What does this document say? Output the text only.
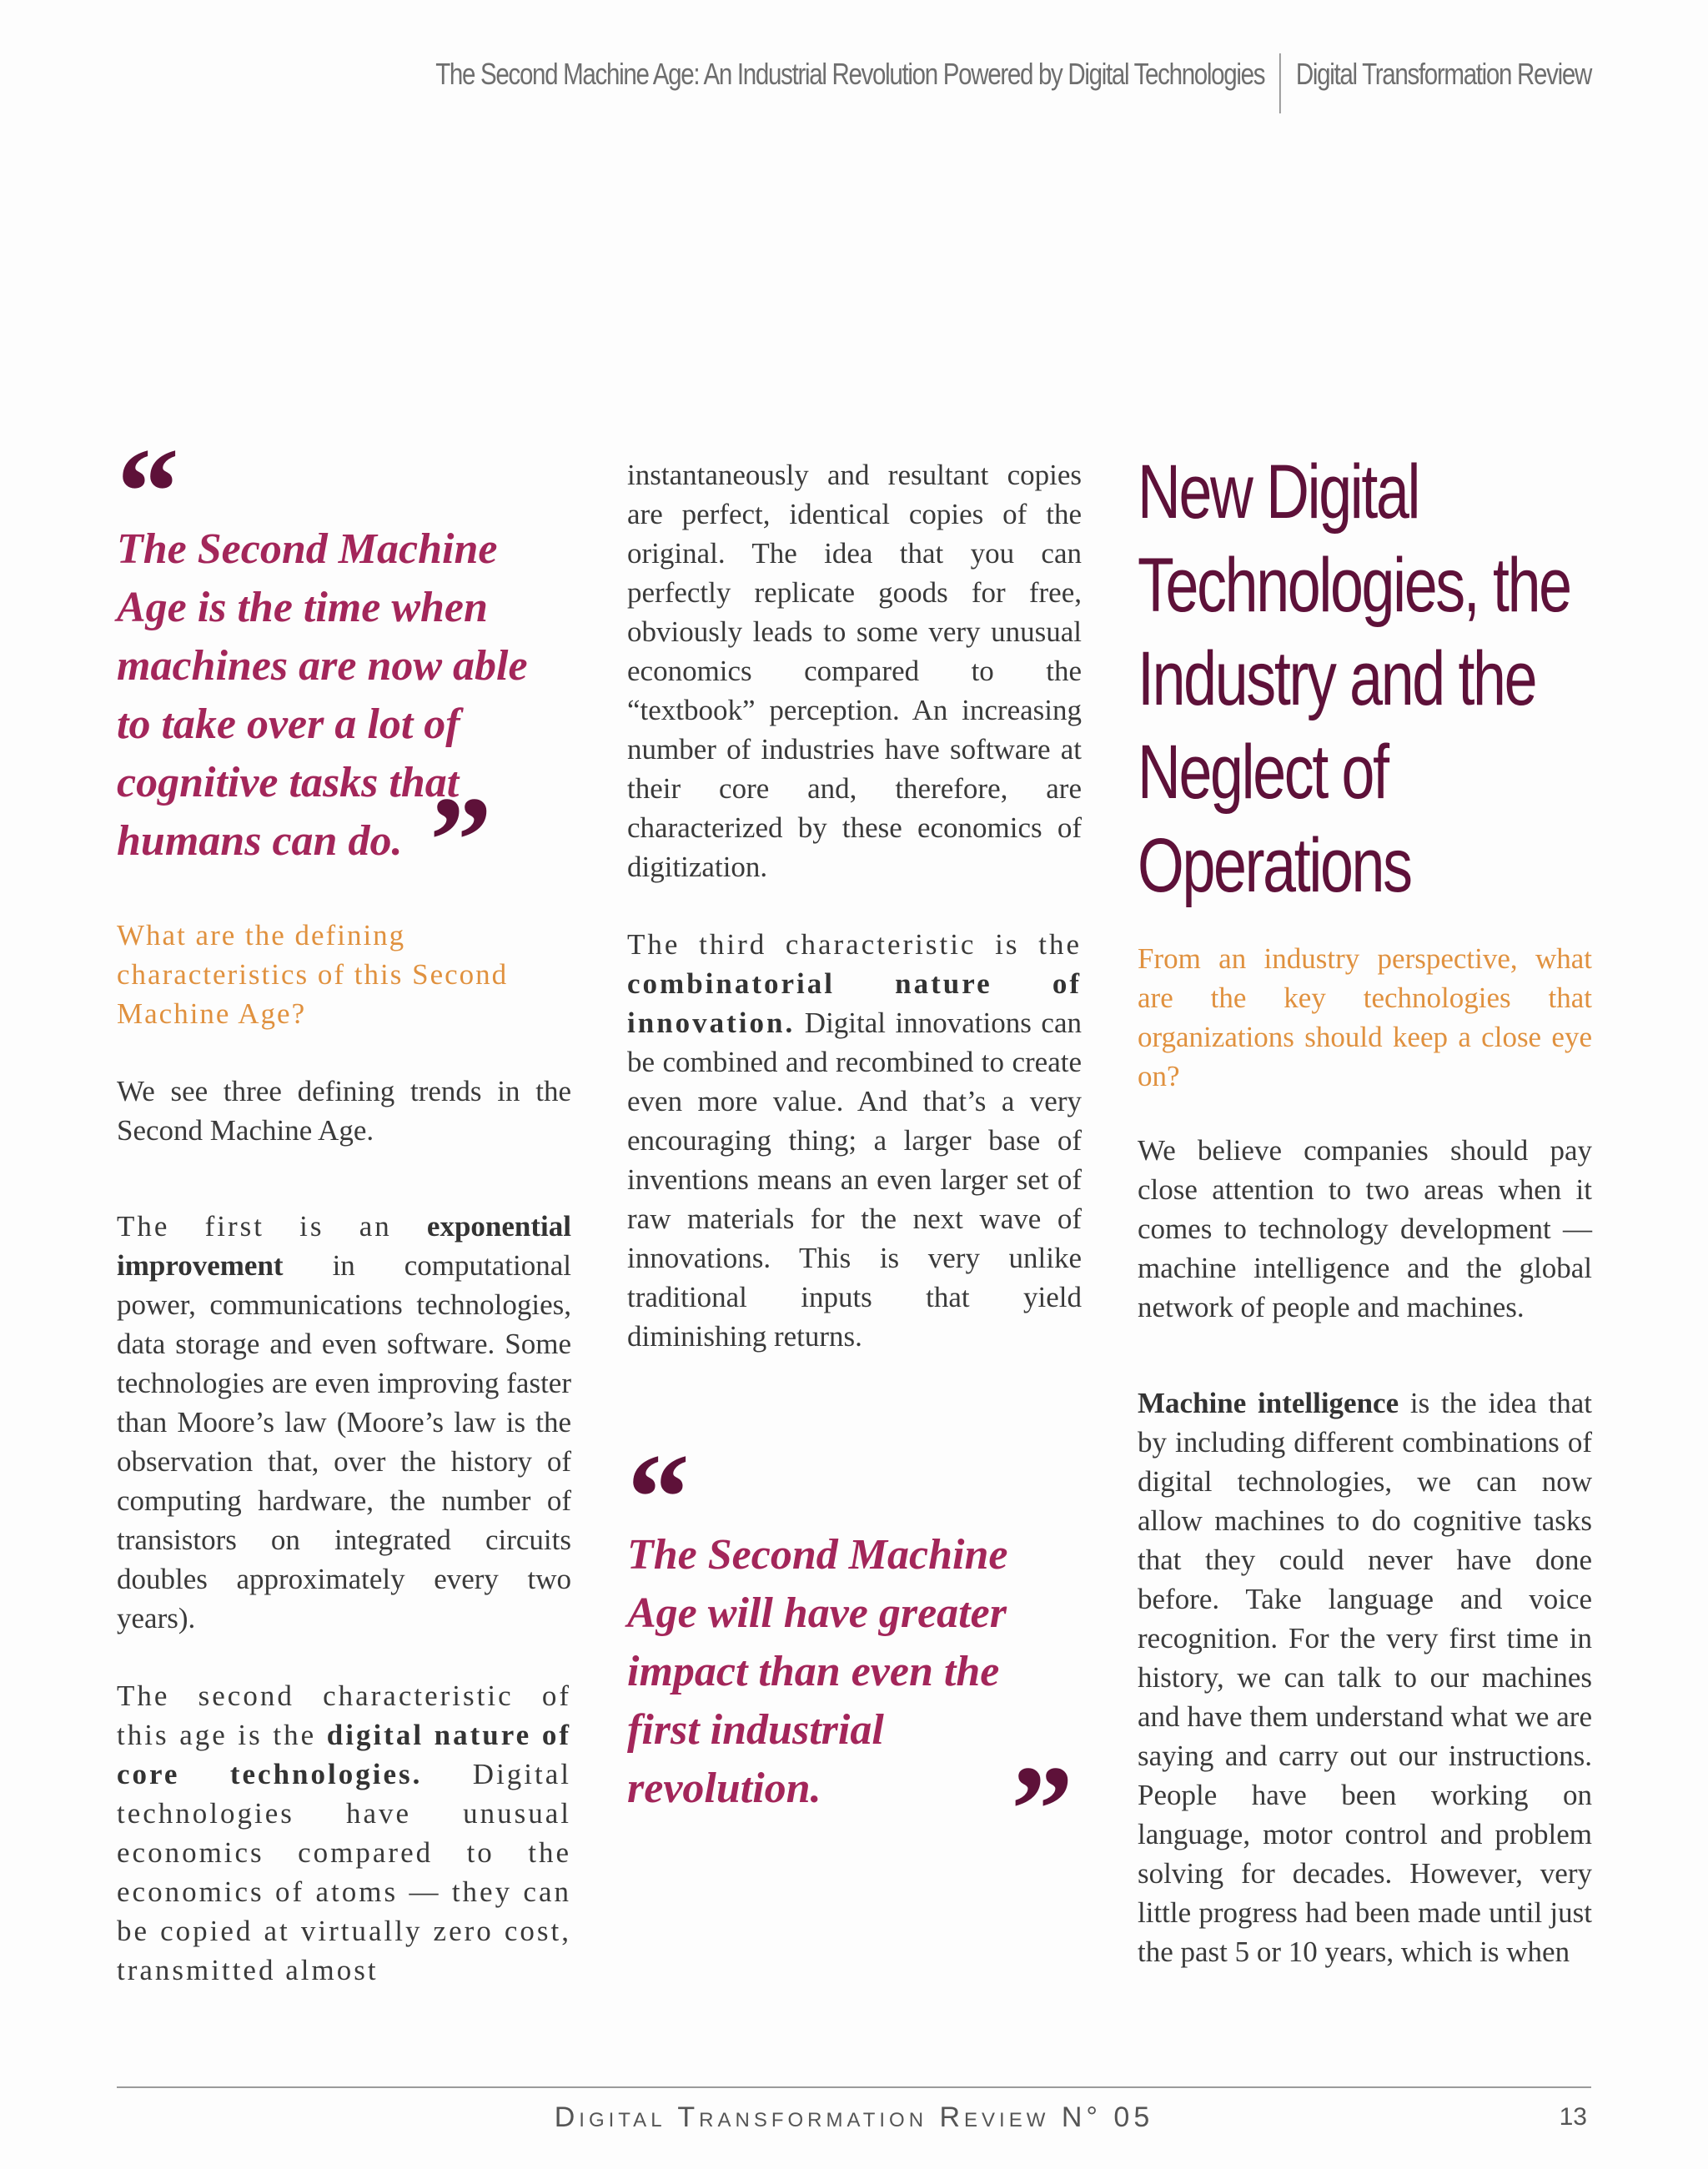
The Second Machine Age: An Industrial Revolution Powered by Digital Technologies Digital Transformation Review
“

The Second Machine Age is the time when machines are now able to take over a lot of cognitive tasks that humans can do. ”

What are the defining characteristics of this Second Machine Age?

We see three defining trends in the Second Machine Age.

The first is an exponential improvement in computational power, communications technologies, data storage and even software. Some technologies are even improving faster than Moore’s law (Moore’s law is the observation that, over the history of computing hardware, the number of transistors on integrated circuits doubles approximately every two years).

The second characteristic of this age is the digital nature of core technologies. Digital technologies have unusual economics compared to the economics of atoms — they can be copied at virtually zero cost, transmitted almost

instantaneously and resultant copies are perfect, identical copies of the original. The idea that you can perfectly replicate goods for free, obviously leads to some very unusual economics compared to the “textbook” perception. An increasing number of industries have software at their core and, therefore, are characterized by these economics of digitization.

The third characteristic is the combinatorial nature of innovation. Digital innovations can be combined and recombined to create even more value. And that’s a very encouraging thing; a larger base of inventions means an even larger set of raw materials for the next wave of innovations. This is very unlike traditional inputs that yield diminishing returns.

“

The Second Machine Age will have greater impact than even the first industrial revolution.	”
New Digital Technologies, the Industry and the Neglect of Operations

From an industry perspective, what are the key technologies that organizations should keep a close eye on?

We believe companies should pay close attention to two areas when it comes to technology development — machine intelligence and the global network of people and machines.

Machine intelligence is the idea that by including different combinations of digital technologies, we can now allow machines to do cognitive tasks that they could never have done before. Take language and voice recognition. For the very first time in history, we can talk to our machines and have them understand what we are saying and carry out our instructions. People have been working on language, motor control and problem solving for decades. However, very little progress had been made until just the past 5 or 10 years, which is when

Digital Transformation Review N° 05	13
